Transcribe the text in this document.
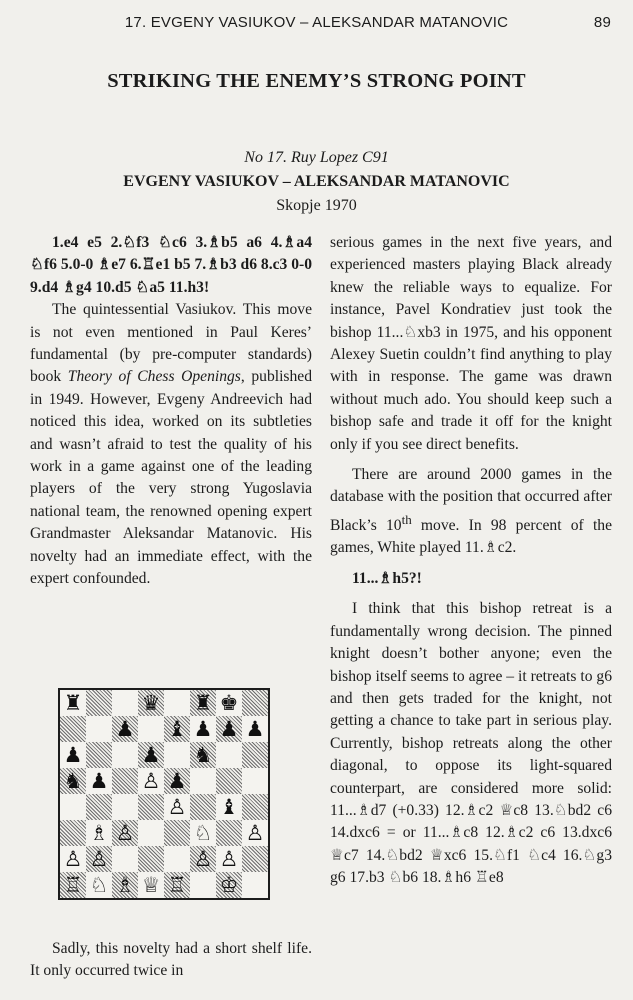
17. EVGENY VASIUKOV – ALEKSANDAR MATANOVIC	89
STRIKING THE ENEMY’S STRONG POINT
No 17. Ruy Lopez C91
EVGENY VASIUKOV – ALEKSANDAR MATANOVIC
Skopje 1970

1.e4 e5 2.♘f3 ♘c6 3.♗b5 a6 4.♗a4 ♘f6 5.0-0 ♗e7 6.♖e1 b5 7.♗b3 d6 8.c3 0-0 9.d4 ♗g4 10.d5 ♘a5 11.h3!

The quintessential Vasiukov. This move is not even mentioned in Paul Keres’ fundamental (by pre‑computer standards) book Theory of Chess Openings, published in 1949. However, Evgeny Andreevich had noticed this idea, worked on its subtleties and wasn’t afraid to test the quality of his work in a game against one of the leading players of the very strong Yugoslavia national team, the renowned opening expert Grandmaster Aleksandar Matanovic. His novelty had an immediate effect, with the expert confounded.

♜	♛ ♜ ♚
♟ ♝ ♟ ♟ ♟
♟	♟ ♞
♞ ♟ ♙ ♟
♙ ♝
♗ ♙	♘ ♙
♙ ♙	♙ ♙
♖ ♘ ♗ ♕ ♖ ♔

Sadly, this novelty had a short shelf life. It only occurred twice in

serious games in the next five years, and experienced masters playing Black already knew the reliable ways to equalize. For instance, Pavel Kondratiev just took the bishop 11...♘xb3 in 1975, and his opponent Alexey Suetin couldn’t find anything to play with in response. The game was drawn without much ado. You should keep such a bishop safe and trade it off for the knight only if you see direct benefits.

There are around 2000 games in the database with the position that occurred after Black’s 10th move. In 98 percent of the games, White played 11.♗c2.

11...♗h5?!

I think that this bishop retreat is a fundamentally wrong decision. The pinned knight doesn’t bother anyone; even the bishop itself seems to agree – it retreats to g6 and then gets traded for the knight, not getting a chance to take part in serious play. Currently, bishop retreats along the other diagonal, to oppose its light‑squared counterpart, are considered more solid: 11...♗d7 (+0.33) 12.♗c2 ♕c8 13.♘bd2 c6 14.dxc6 = or 11...♗c8 12.♗c2 c6 13.dxc6 ♕c7 14.♘bd2 ♕xc6 15.♘f1 ♘c4 16.♘g3 g6 17.b3 ♘b6 18.♗h6 ♖e8
